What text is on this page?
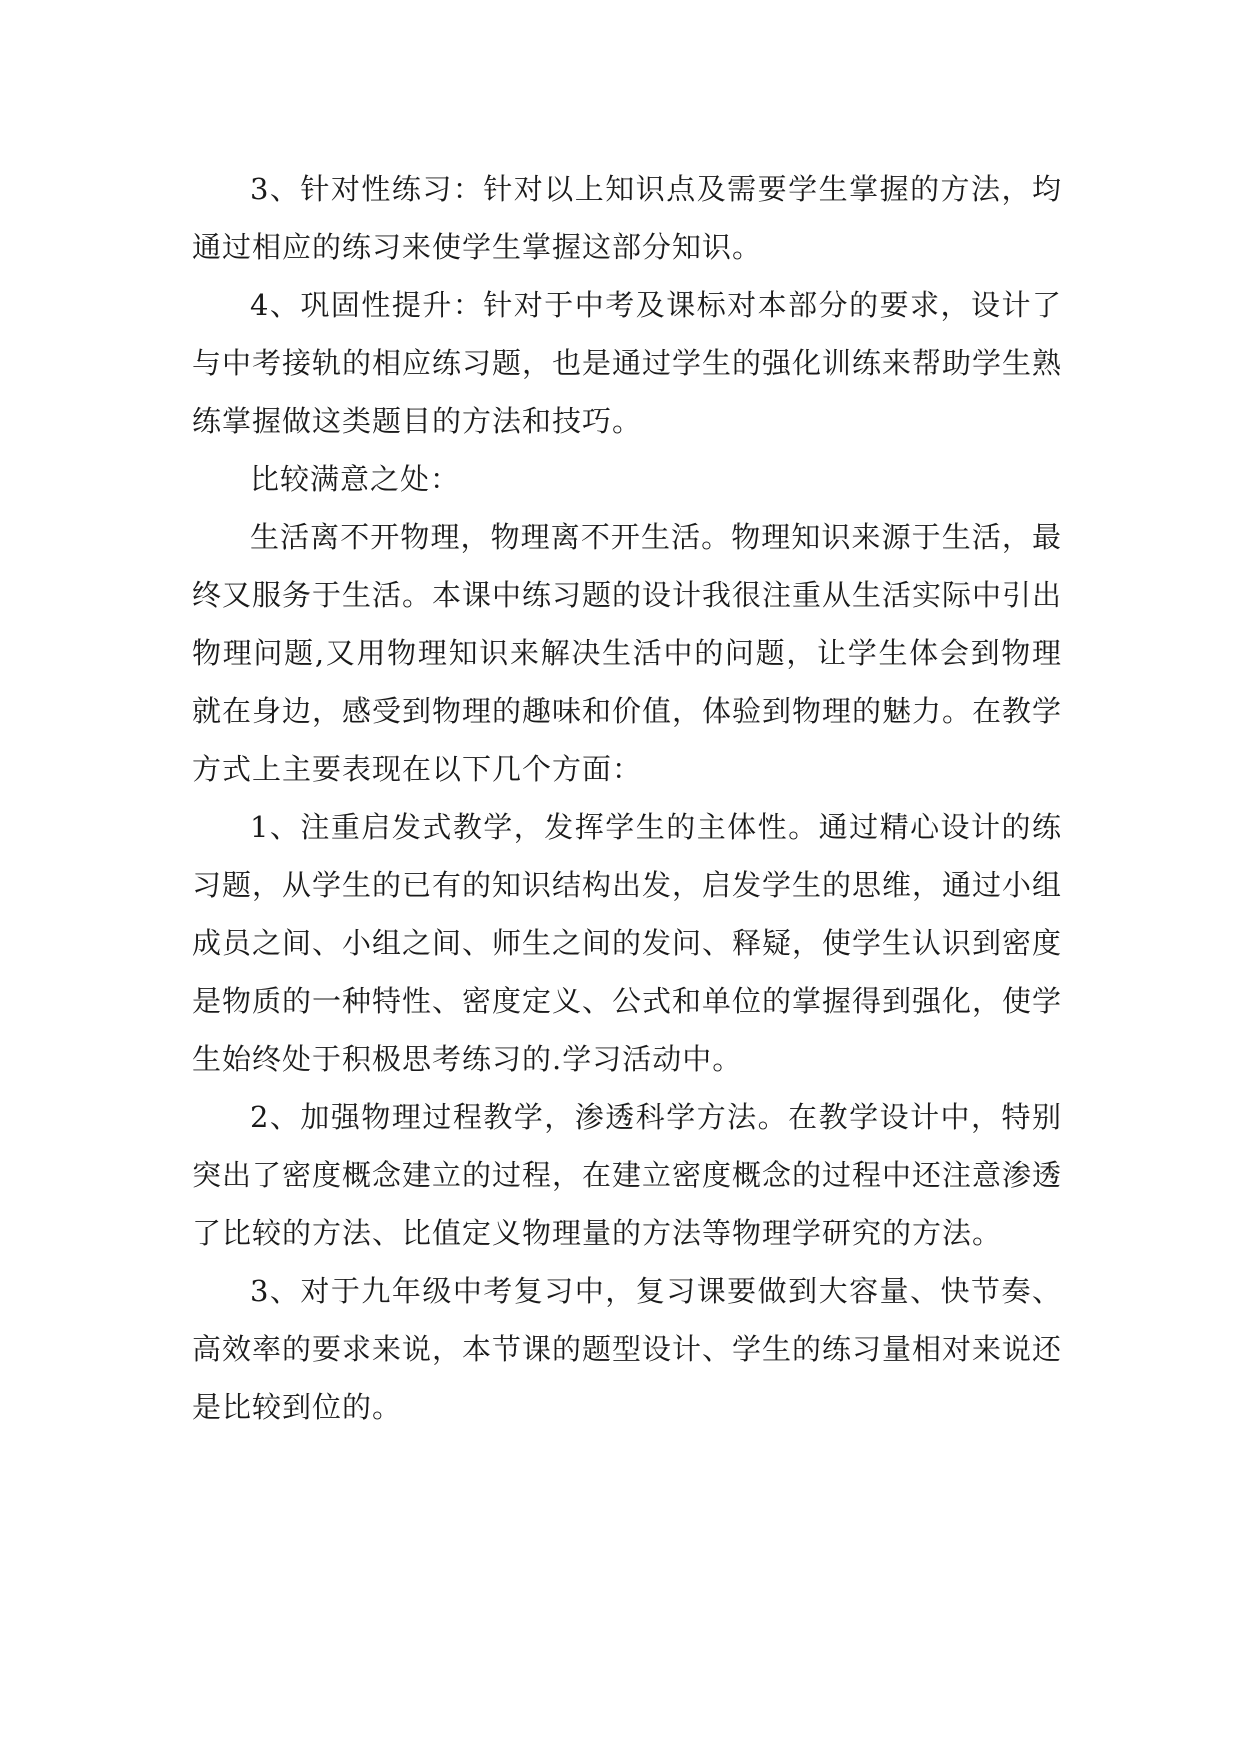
3、针对性练习：针对以上知识点及需要学生掌握的方法，均通过相应的练习来使学生掌握这部分知识。

4、巩固性提升：针对于中考及课标对本部分的要求，设计了与中考接轨的相应练习题，也是通过学生的强化训练来帮助学生熟练掌握做这类题目的方法和技巧。

比较满意之处：

生活离不开物理，物理离不开生活。物理知识来源于生活，最终又服务于生活。本课中练习题的设计我很注重从生活实际中引出物理问题,又用物理知识来解决生活中的问题，让学生体会到物理就在身边，感受到物理的趣味和价值，体验到物理的魅力。在教学方式上主要表现在以下几个方面：

1、注重启发式教学，发挥学生的主体性。通过精心设计的练习题，从学生的已有的知识结构出发，启发学生的思维，通过小组成员之间、小组之间、师生之间的发问、释疑，使学生认识到密度是物质的一种特性、密度定义、公式和单位的掌握得到强化，使学生始终处于积极思考练习的.学习活动中。

2、加强物理过程教学，渗透科学方法。在教学设计中，特别突出了密度概念建立的过程，在建立密度概念的过程中还注意渗透了比较的方法、比值定义物理量的方法等物理学研究的方法。

3、对于九年级中考复习中，复习课要做到大容量、快节奏、高效率的要求来说，本节课的题型设计、学生的练习量相对来说还是比较到位的。
